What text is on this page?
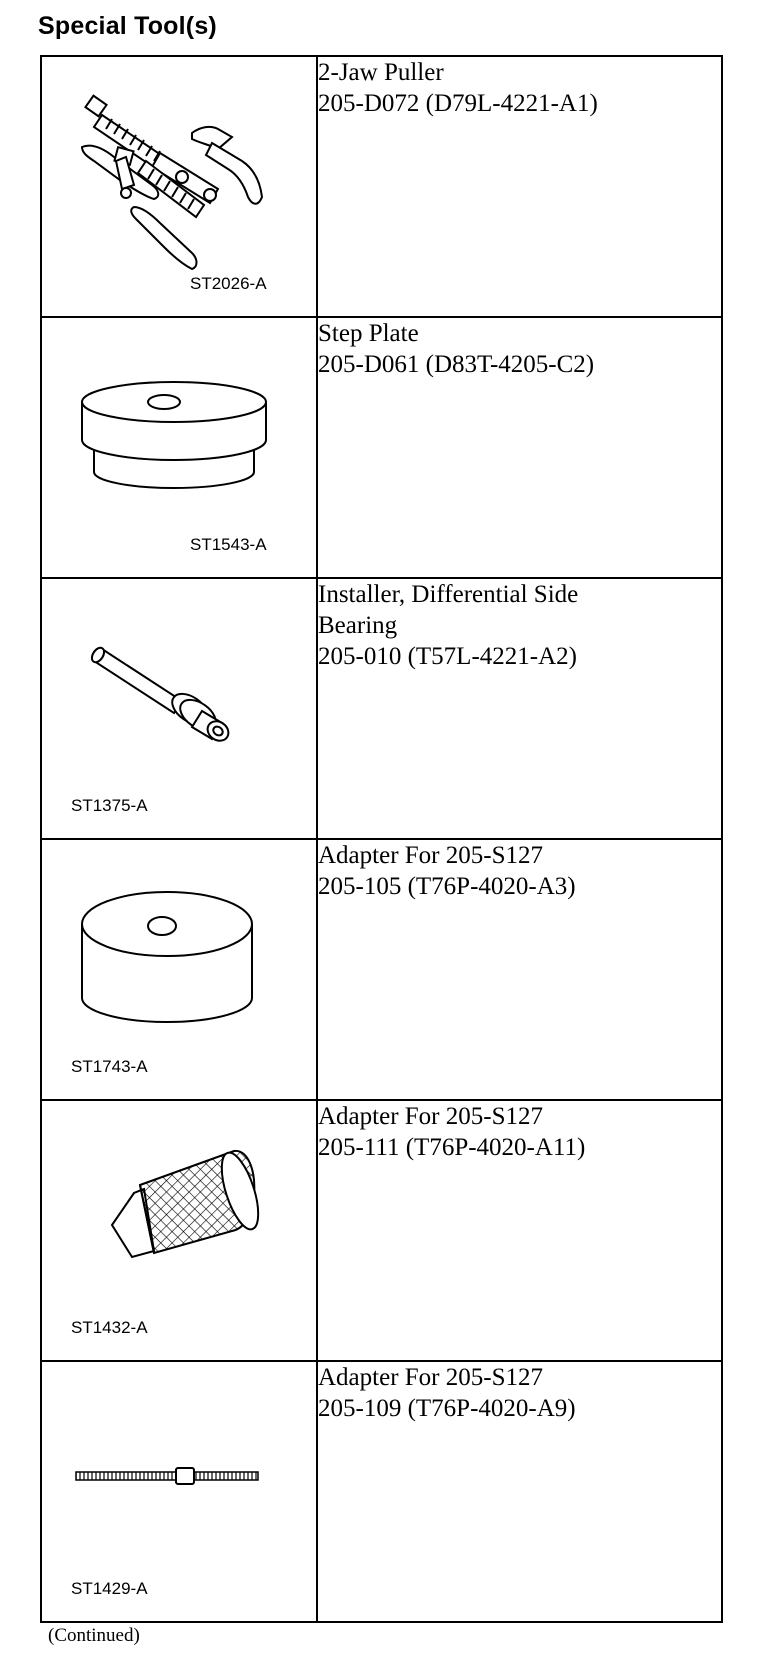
Special Tool(s)
ST2026-A	2-Jaw Puller
205-D072 (D79L-4221-A1)

ST1543-A	Step Plate
205-D061 (D83T-4205-C2)

ST1375-A	Installer, Differential Side
Bearing
205-010 (T57L-4221-A2)

ST1743-A	Adapter For 205-S127
205-105 (T76P-4020-A3)

ST1432-A	Adapter For 205-S127
205-111 (T76P-4020-A11)

ST1429-A	Adapter For 205-S127
205-109 (T76P-4020-A9)
(Continued)
